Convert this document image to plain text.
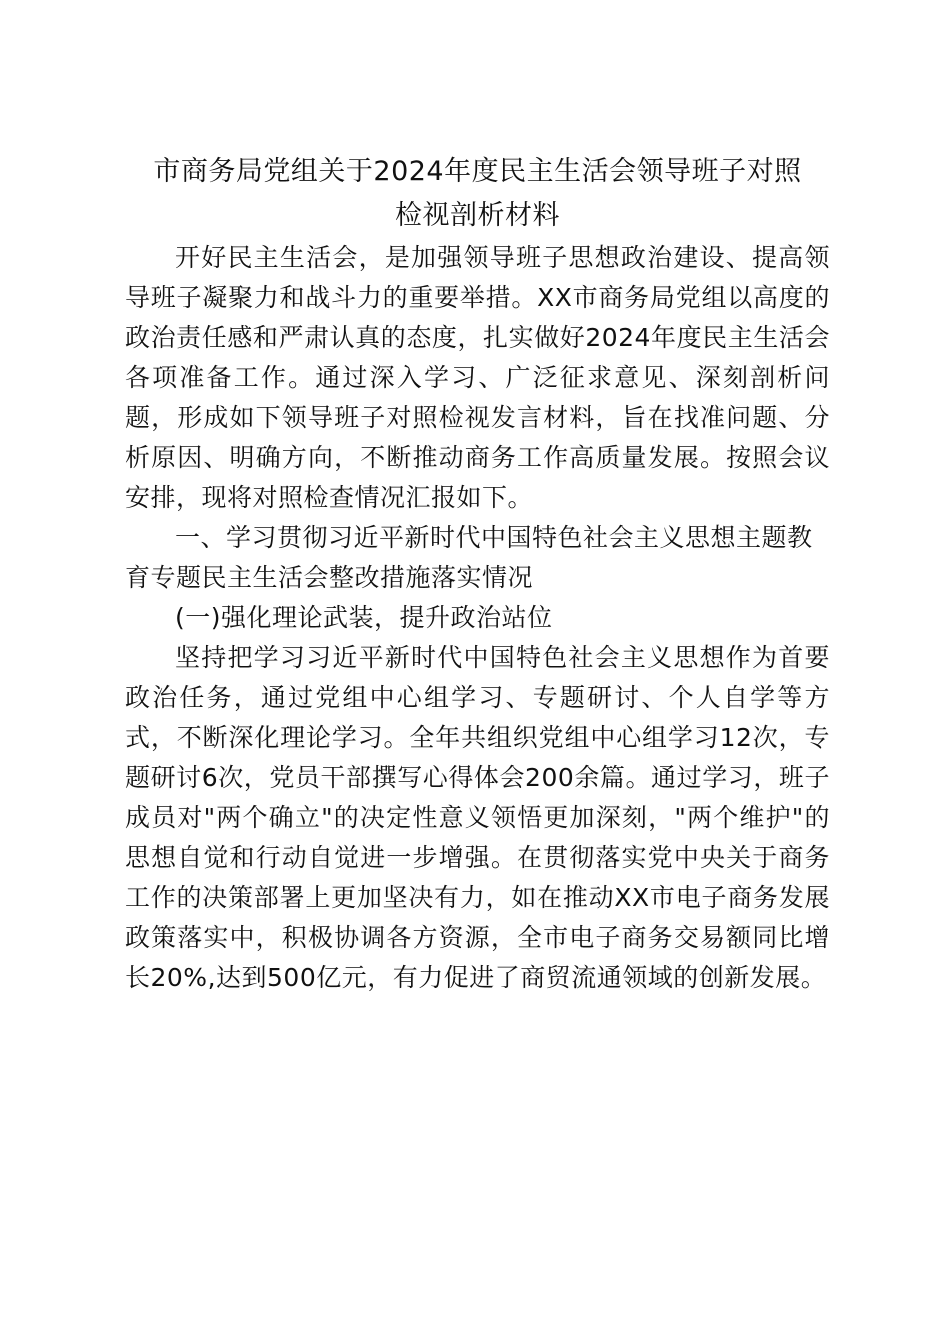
市商务局党组关于2024年度民主生活会领导班子对照
检视剖析材料

开好民主生活会，是加强领导班子思想政治建设、提高领导班子凝聚力和战斗力的重要举措。XX市商务局党组以高度的政治责任感和严肃认真的态度，扎实做好2024年度民主生活会各项准备工作。通过深入学习、广泛征求意见、深刻剖析问题，形成如下领导班子对照检视发言材料，旨在找准问题、分析原因、明确方向，不断推动商务工作高质量发展。按照会议安排，现将对照检查情况汇报如下。

一、学习贯彻习近平新时代中国特色社会主义思想主题教育专题民主生活会整改措施落实情况

(一)强化理论武装，提升政治站位

坚持把学习习近平新时代中国特色社会主义思想作为首要政治任务，通过党组中心组学习、专题研讨、个人自学等方式，不断深化理论学习。全年共组织党组中心组学习12次，专题研讨6次，党员干部撰写心得体会200余篇。通过学习，班子成员对"两个确立"的决定性意义领悟更加深刻，"两个维护"的思想自觉和行动自觉进一步增强。在贯彻落实党中央关于商务工作的决策部署上更加坚决有力，如在推动XX市电子商务发展政策落实中，积极协调各方资源，全市电子商务交易额同比增长20%,达到500亿元，有力促进了商贸流通领域的创新发展。
